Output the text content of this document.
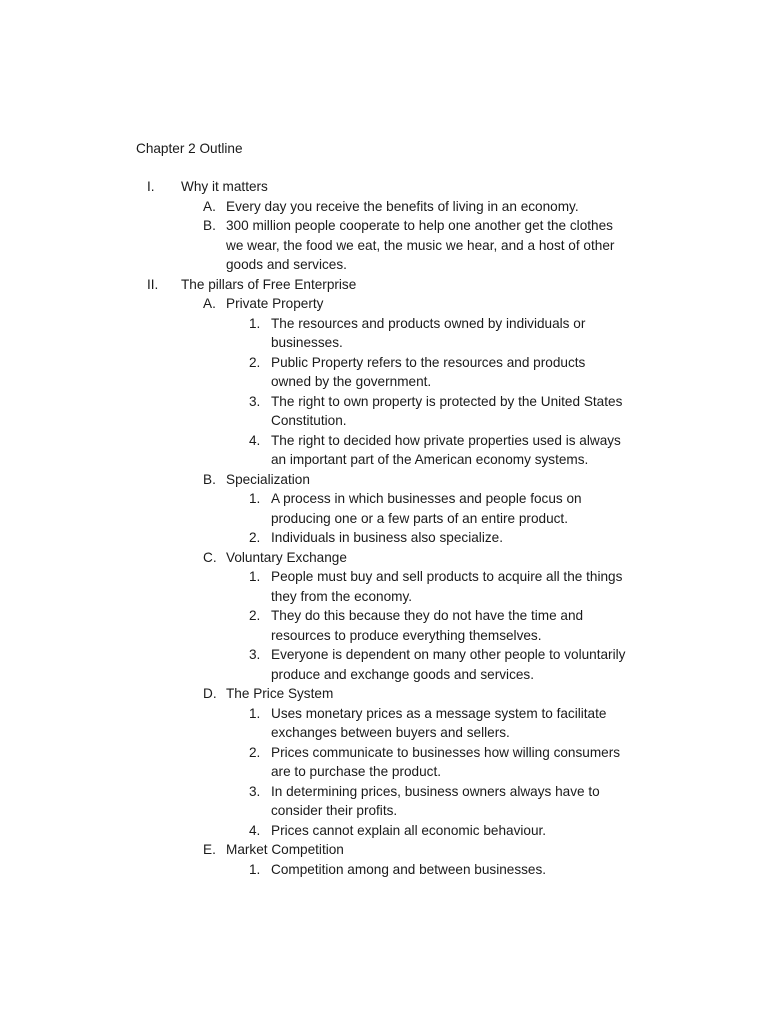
Chapter 2 Outline
I. Why it matters
A. Every day you receive the benefits of living in an economy.
B. 300 million people cooperate to help one another get the clothes
we wear, the food we eat, the music we hear, and a host of other
goods and services.
II. The pillars of Free Enterprise
A. Private Property
1. The resources and products owned by individuals or
businesses.
2. Public Property refers to the resources and products
owned by the government.
3. The right to own property is protected by the United States
Constitution.
4. The right to decided how private properties used is always
an important part of the American economy systems.
B. Specialization
1. A process in which businesses and people focus on
producing one or a few parts of an entire product.
2. Individuals in business also specialize.
C. Voluntary Exchange
1. People must buy and sell products to acquire all the things
they from the economy.
2. They do this because they do not have the time and
resources to produce everything themselves.
3. Everyone is dependent on many other people to voluntarily
produce and exchange goods and services.
D. The Price System
1. Uses monetary prices as a message system to facilitate
exchanges between buyers and sellers.
2. Prices communicate to businesses how willing consumers
are to purchase the product.
3. In determining prices, business owners always have to
consider their profits.
4. Prices cannot explain all economic behaviour.
E. Market Competition
1. Competition among and between businesses.
